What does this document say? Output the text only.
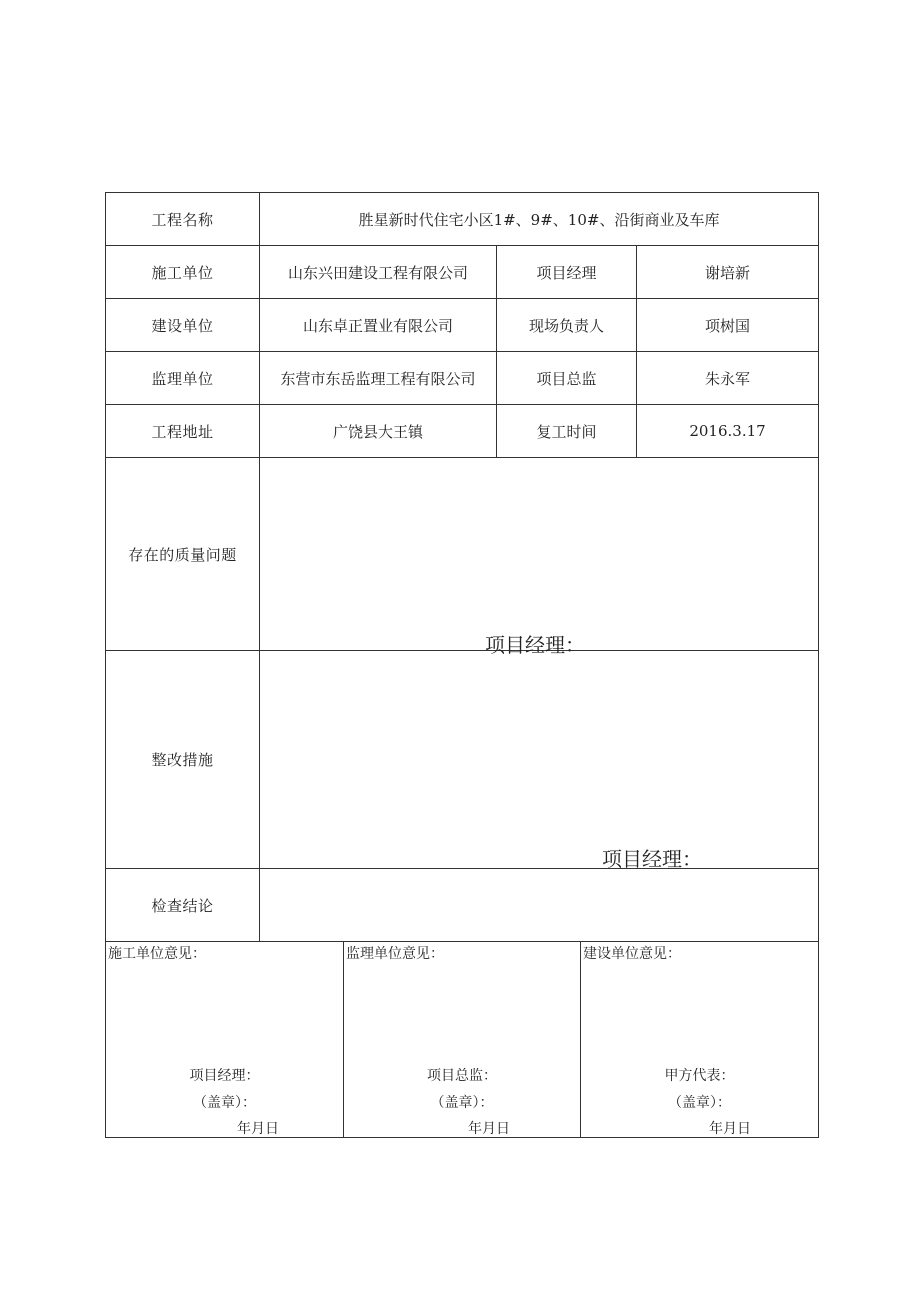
工程名称	胜星新时代住宅小区1#、9#、10#、沿街商业及车库		
施工单位	山东兴田建设工程有限公司	项目经理	谢培新
建设单位	山东卓正置业有限公司	现场负责人	项树国
监理单位	东营市东岳监理工程有限公司	项目总监	朱永军
工程地址	广饶县大王镇	复工时间	2016.3.17
存在的质量问题	项目经理：		

整改措施	项目经理：		

检查结论			
施工单位意见：
项目经理：
（盖章）：
年月日

监理单位意见：
项目总监：
（盖章）：
年月日

建设单位意见：
甲方代表：
（盖章）：
年月日
